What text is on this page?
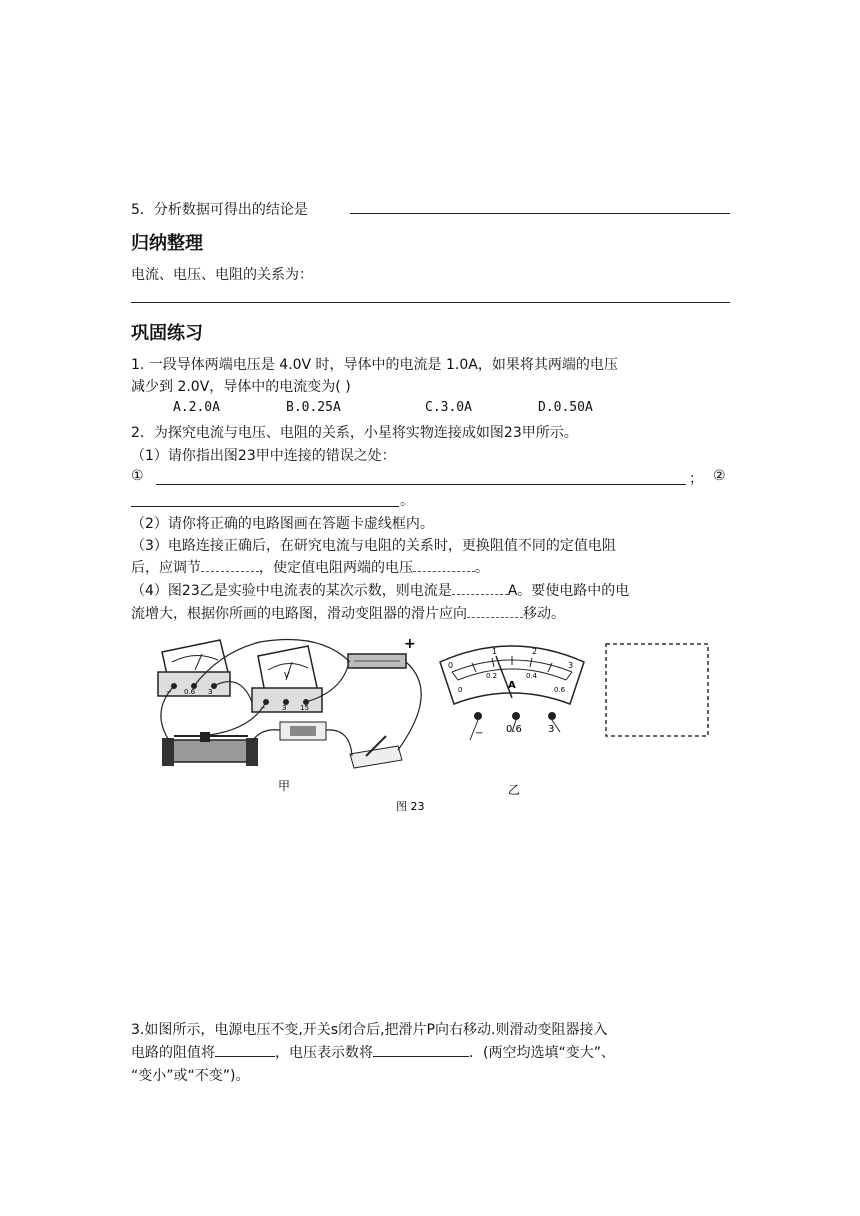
5．分析数据可得出的结论是
归纳整理
电流、电压、电阻的关系为：
巩固练习
1. 一段导体两端电压是 4.0V 时，导体中的电流是 1.0A，如果将其两端的电压
减少到 2.0V，导体中的电流变为( )
A.2.0A	B.0.25A	C.3.0A	D.0.50A
2．为探究电流与电压、电阻的关系，小星将实物连接成如图23甲所示。
（1）请你指出图23甲中连接的错误之处：
①	； ②
。
（2）请你将正确的电路图画在答题卡虚线框内。
（3）电路连接正确后，在研究电流与电阻的关系时，更换阻值不同的定值电阻
后，应调节	，使定值电阻两端的电压	。
（4）图23乙是实验中电流表的某次示数，则电流是	A。要使电路中的电
流增大，根据你所画的电路图，滑动变阻器的滑片应向	移动。
− 0.6 3
V
− 3 15
+
甲
0
1	2
3
0
0.2	0.4
0.6
A
− 0.6	3
乙
图 23
3.如图所示，电源电压不变,开关s闭合后,把滑片P向右移动.则滑动变阻器接入
电路的阻值将	，电压表示数将	．(两空均选填“变大”、
“变小”或“不变”)。
